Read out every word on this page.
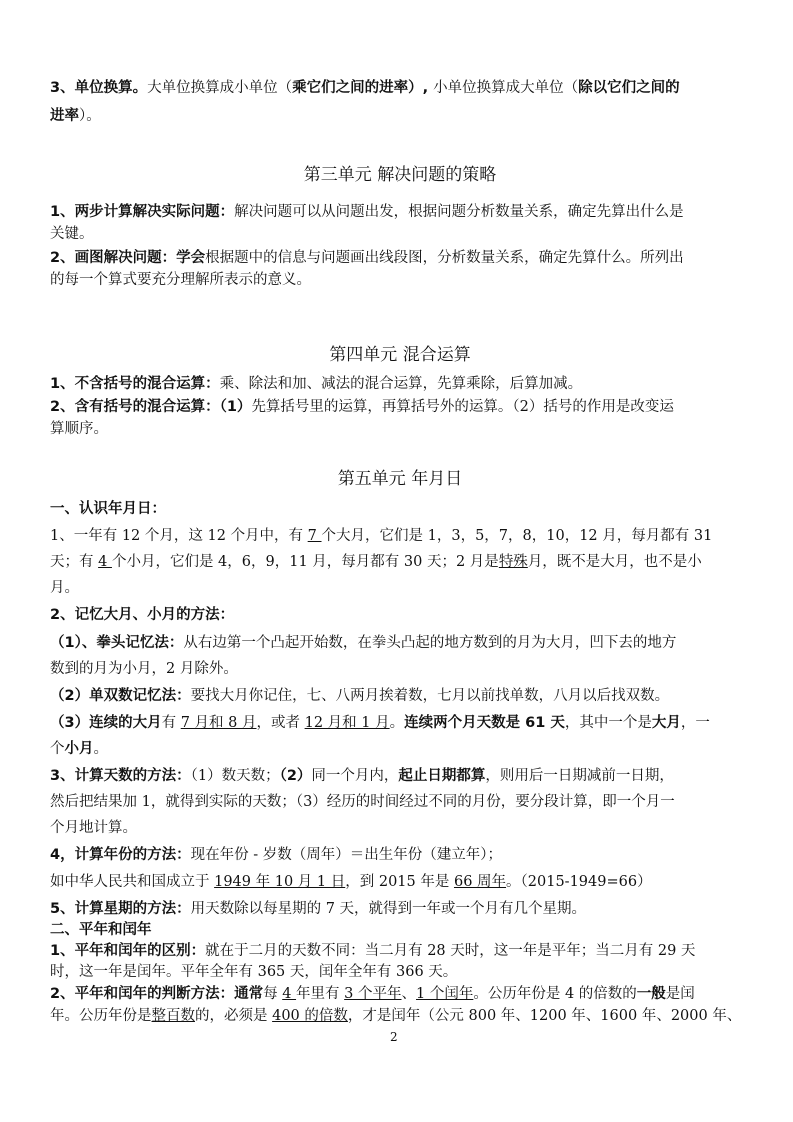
3、单位换算。大单位换算成小单位（乘它们之间的进率）, 小单位换算成大单位（除以它们之间的
进率）。
第三单元 解决问题的策略
1、两步计算解决实际问题：解决问题可以从问题出发，根据问题分析数量关系，确定先算出什么是
关键。
2、画图解决问题：学会根据题中的信息与问题画出线段图，分析数量关系，确定先算什么。所列出
的每一个算式要充分理解所表示的意义。
第四单元 混合运算
1、不含括号的混合运算：乘、除法和加、减法的混合运算，先算乘除，后算加减。
2、含有括号的混合运算：（1）先算括号里的运算，再算括号外的运算。（2）括号的作用是改变运
算顺序。
第五单元 年月日
一、认识年月日：
1、一年有 12 个月，这 12 个月中，有 7 个大月，它们是 1，3，5，7，8，10，12 月，每月都有 31
天；有 4 个小月，它们是 4，6，9，11 月，每月都有 30 天；2 月是特殊月，既不是大月，也不是小
月。
2、记忆大月、小月的方法：
（1）、拳头记忆法：从右边第一个凸起开始数，在拳头凸起的地方数到的月为大月，凹下去的地方
数到的月为小月，2 月除外。
（2）单双数记忆法：要找大月你记住，七、八两月挨着数，七月以前找单数，八月以后找双数。
（3）连续的大月有 7 月和 8 月，或者 12 月和 1 月。连续两个月天数是 61 天，其中一个是大月，一
个小月。
3、计算天数的方法：（1）数天数；（2）同一个月内，起止日期都算，则用后一日期减前一日期，
然后把结果加 1，就得到实际的天数；（3）经历的时间经过不同的月份，要分段计算，即一个月一
个月地计算。
4，计算年份的方法：现在年份 - 岁数（周年）＝出生年份（建立年）；
如中华人民共和国成立于 1949 年 10 月 1 日，到 2015 年是 66 周年。（2015-1949=66）
5、计算星期的方法：用天数除以每星期的 7 天，就得到一年或一个月有几个星期。
二、平年和闰年
1、平年和闰年的区别：就在于二月的天数不同：当二月有 28 天时，这一年是平年；当二月有 29 天
时，这一年是闰年。平年全年有 365 天，闰年全年有 366 天。
2、平年和闰年的判断方法：通常每 4 年里有 3 个平年、1 个闰年。公历年份是 4 的倍数的一般是闰
年。公历年份是整百数的，必须是 400 的倍数，才是闰年（公元 800 年、1200 年、1600 年、2000 年、
2
